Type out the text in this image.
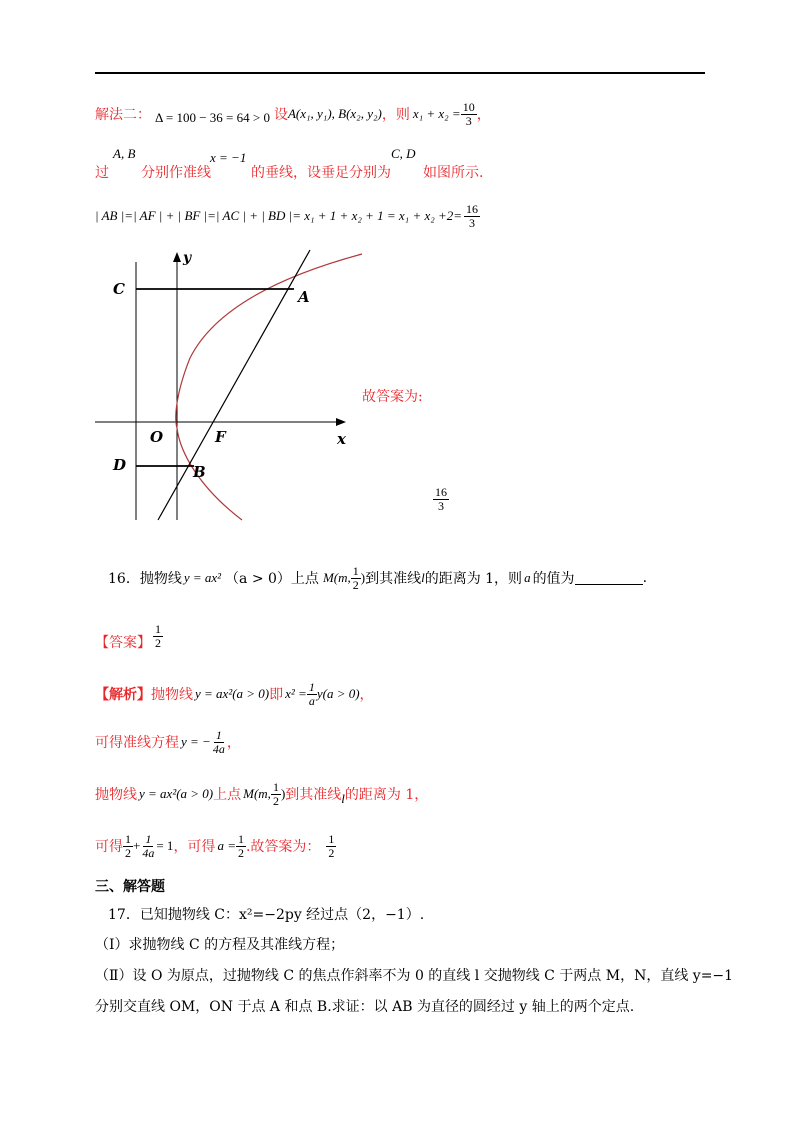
解法二： Δ = 100 − 36 = 64 > 0 设 A(x₁, y₁), B(x₂, y₂) ，则 $x_1 + x_2 = \frac{10}{3}$ ，
过
A, B
分别作准线
x = −1
的垂线，设垂足分别为
C, D
如图所示.
| AB |=| AF | + | BF |=| AC | + | BD |= $x_1 + 1 + x_2 + 1 = x_1 + x_2 +2= \frac{16}{3}$
y
x
C	A
O	F
D	B
故答案为:
$\frac{16}{3}$
16．抛物线 y = ax² （a > 0）上点 M(m, $\frac{1}{2}$ ) 到其准线 l 的距离为 1，则 a 的值为	.
【答案】 $\frac{1}{2}$
【解析】 抛物线 y = ax²(a > 0) 即 $x^2 = \frac{1}{a} y(a > 0)$ ，
可得准线方程 y = − $\frac{1}{4a}$ ，
抛物线 y = ax²(a > 0) 上点 M(m, $\frac{1}{2}$ ) 到其准线 l 的距离为 1，
可得 $\frac{1}{2} + \frac{1}{4a} = 1$ ，可得 $a = \frac{1}{2}$ .故答案为： $\frac{1}{2}$
三、解答题
17．已知抛物线 C：x²=−2py 经过点（2，−1）.
（Ⅰ）求抛物线 C 的方程及其准线方程；
（Ⅱ）设 O 为原点，过抛物线 C 的焦点作斜率不为 0 的直线 l 交抛物线 C 于两点 M，N，直线 y=−1
分别交直线 OM，ON 于点 A 和点 B.求证：以 AB 为直径的圆经过 y 轴上的两个定点.
